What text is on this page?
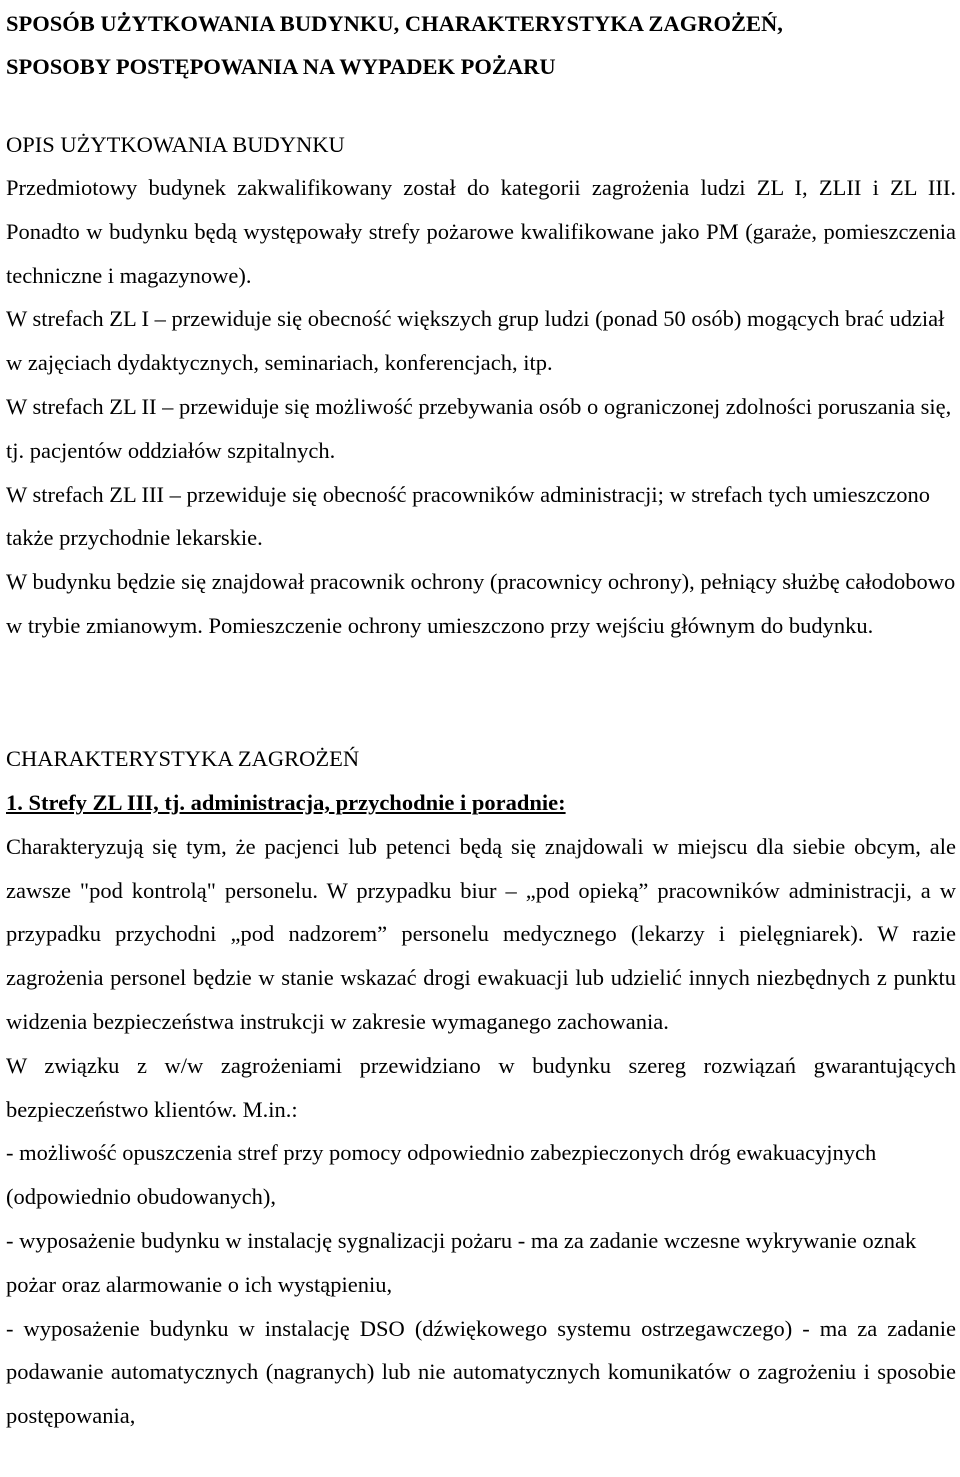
SPOSÓB UŻYTKOWANIA BUDYNKU, CHARAKTERYSTYKA ZAGROŻEŃ,
SPOSOBY POSTĘPOWANIA NA WYPADEK POŻARU
OPIS UŻYTKOWANIA BUDYNKU

Przedmiotowy budynek zakwalifikowany został do kategorii zagrożenia ludzi ZL I, ZLII i ZL III. Ponadto w budynku będą występowały strefy pożarowe kwalifikowane jako PM (garaże, pomieszczenia techniczne i magazynowe).

W strefach ZL I – przewiduje się obecność większych grup ludzi (ponad 50 osób) mogących brać udział w zajęciach dydaktycznych, seminariach, konferencjach, itp.

W strefach ZL II – przewiduje się możliwość przebywania osób o ograniczonej zdolności poruszania się, tj. pacjentów oddziałów szpitalnych.

W strefach ZL III – przewiduje się obecność pracowników administracji; w strefach tych umieszczono także przychodnie lekarskie.

W budynku będzie się znajdował pracownik ochrony (pracownicy ochrony), pełniący służbę całodobowo w trybie zmianowym. Pomieszczenie ochrony umieszczono przy wejściu głównym do budynku.

CHARAKTERYSTYKA ZAGROŻEŃ

1. Strefy ZL III, tj. administracja, przychodnie i poradnie:

Charakteryzują się tym, że pacjenci lub petenci będą się znajdowali w miejscu dla siebie obcym, ale zawsze "pod kontrolą" personelu. W przypadku biur – „pod opieką” pracowników administracji, a w przypadku przychodni „pod nadzorem” personelu medycznego (lekarzy i pielęgniarek). W razie zagrożenia personel będzie w stanie wskazać drogi ewakuacji lub udzielić innych niezbędnych z punktu widzenia bezpieczeństwa instrukcji w zakresie wymaganego zachowania.

W związku z w/w zagrożeniami przewidziano w budynku szereg rozwiązań gwarantujących bezpieczeństwo klientów. M.in.:

- możliwość opuszczenia stref przy pomocy odpowiednio zabezpieczonych dróg ewakuacyjnych (odpowiednio obudowanych),

- wyposażenie budynku w instalację sygnalizacji pożaru - ma za zadanie wczesne wykrywanie oznak pożar oraz alarmowanie o ich wystąpieniu,

- wyposażenie budynku w instalację DSO (dźwiękowego systemu ostrzegawczego) - ma za zadanie podawanie automatycznych (nagranych) lub nie automatycznych komunikatów o zagrożeniu i sposobie postępowania,
